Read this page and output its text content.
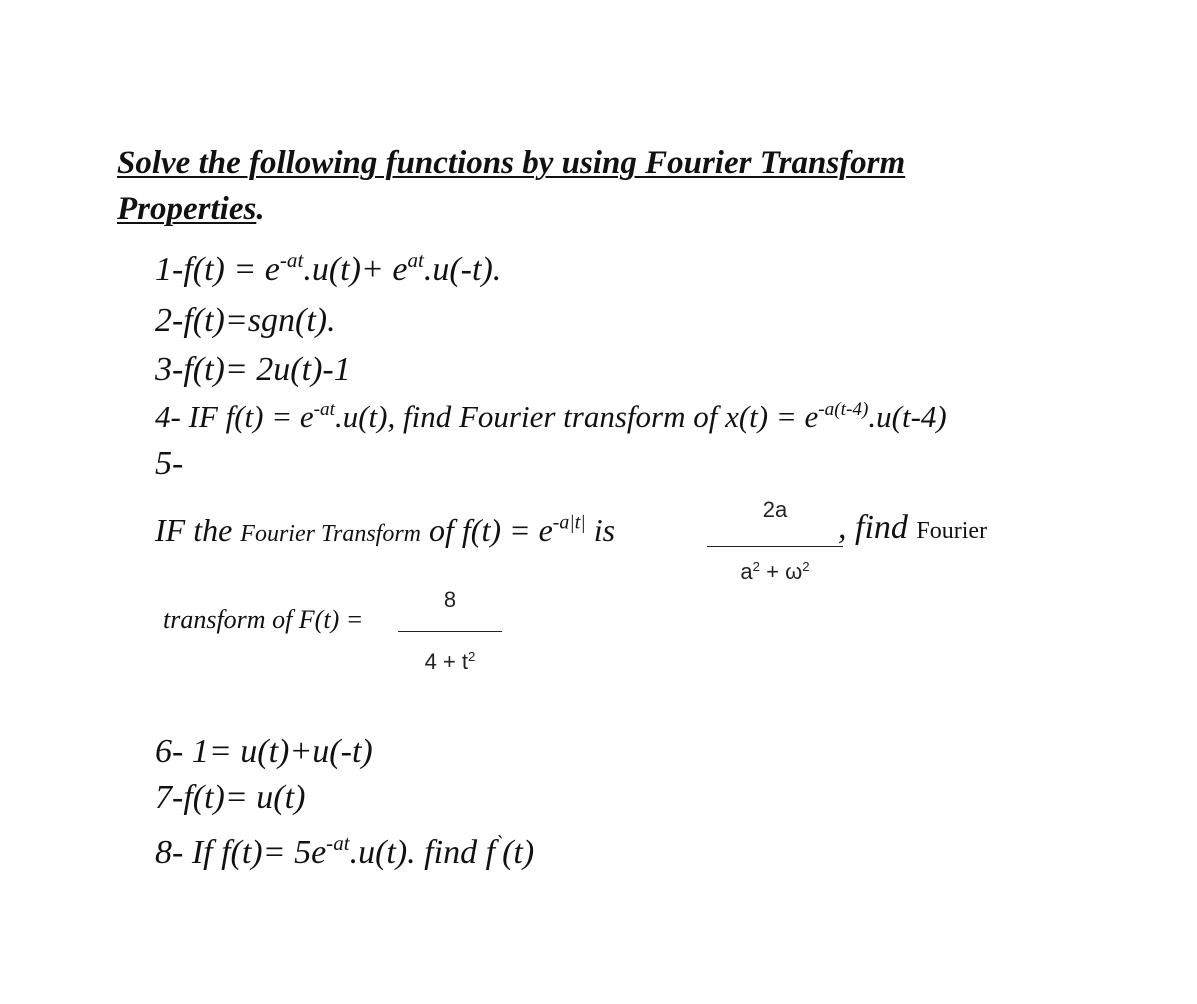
Solve the following functions by using Fourier Transform
Properties.
$1-f(t) = e^{-at}.u(t)+ e^{at}.u(-t)$.
2-f(t)=sgn(t).
3-f(t)= 2u(t)-1
4- IF $f(t) = e^{-at}.u(t)$, find Fourier transform of $x(t) = e^{-a(t-4)}.u(t-4)$
5-
IF the Fourier Transform of $f(t) = e^{-a|t|}$ is
2a
$a^2 + \omega^2$
, find Fourier
transform of F(t) =
8
$4 + t^2$
6- 1= u(t)+u(-t)
7-f(t)= u(t)
8- If $f(t)= 5e^{-at}.u(t)$. find f`(t)
